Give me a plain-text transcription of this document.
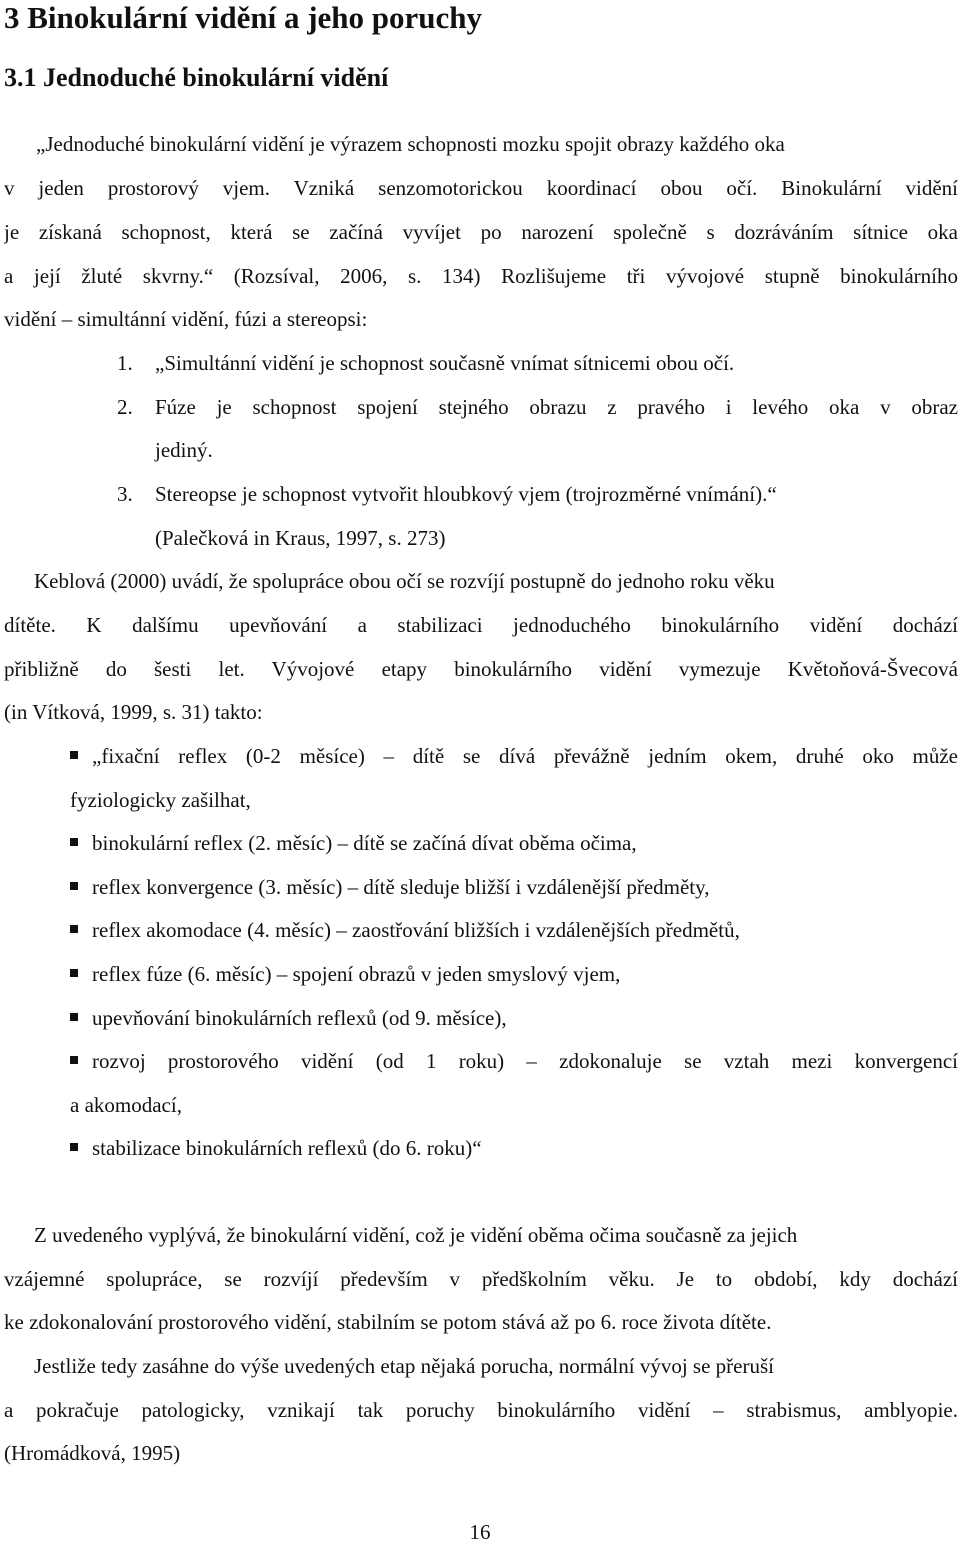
3 Binokulární vidění a jeho poruchy
3.1 Jednoduché binokulární vidění
„Jednoduché binokulární vidění je výrazem schopnosti mozku spojit obrazy každého oka
v jeden prostorový vjem. Vzniká senzomotorickou koordinací obou očí. Binokulární vidění
je získaná schopnost, která se začíná vyvíjet po narození společně s dozráváním sítnice oka
a její žluté skvrny.“ (Rozsíval, 2006, s. 134) Rozlišujeme tři vývojové stupně binokulárního
vidění – simultánní vidění, fúzi a stereopsi:
1. „Simultánní vidění je schopnost současně vnímat sítnicemi obou očí.
2. Fúze je schopnost spojení stejného obrazu z pravého i levého oka v obraz
jediný.
3. Stereopse je schopnost vytvořit hloubkový vjem (trojrozměrné vnímání).“
(Palečková in Kraus, 1997, s. 273)
Keblová (2000) uvádí, že spolupráce obou očí se rozvíjí postupně do jednoho roku věku
dítěte. K dalšímu upevňování a stabilizaci jednoduchého binokulárního vidění dochází
přibližně do šesti let. Vývojové etapy binokulárního vidění vymezuje Květoňová-Švecová
(in Vítková, 1999, s. 31) takto:
„fixační reflex (0-2 měsíce) – dítě se dívá převážně jedním okem, druhé oko může
fyziologicky zašilhat,
binokulární reflex (2. měsíc) – dítě se začíná dívat oběma očima,
reflex konvergence (3. měsíc) – dítě sleduje bližší i vzdálenější předměty,
reflex akomodace (4. měsíc) – zaostřování bližších i vzdálenějších předmětů,
reflex fúze (6. měsíc) – spojení obrazů v jeden smyslový vjem,
upevňování binokulárních reflexů (od 9. měsíce),
rozvoj prostorového vidění (od 1 roku) – zdokonaluje se vztah mezi konvergencí
a akomodací,
stabilizace binokulárních reflexů (do 6. roku)“
Z uvedeného vyplývá, že binokulární vidění, což je vidění oběma očima současně za jejich
vzájemné spolupráce, se rozvíjí především v předškolním věku. Je to období, kdy dochází
ke zdokonalování prostorového vidění, stabilním se potom stává až po 6. roce života dítěte.
Jestliže tedy zasáhne do výše uvedených etap nějaká porucha, normální vývoj se přeruší
a pokračuje patologicky, vznikají tak poruchy binokulárního vidění – strabismus, amblyopie.
(Hromádková, 1995)
16
